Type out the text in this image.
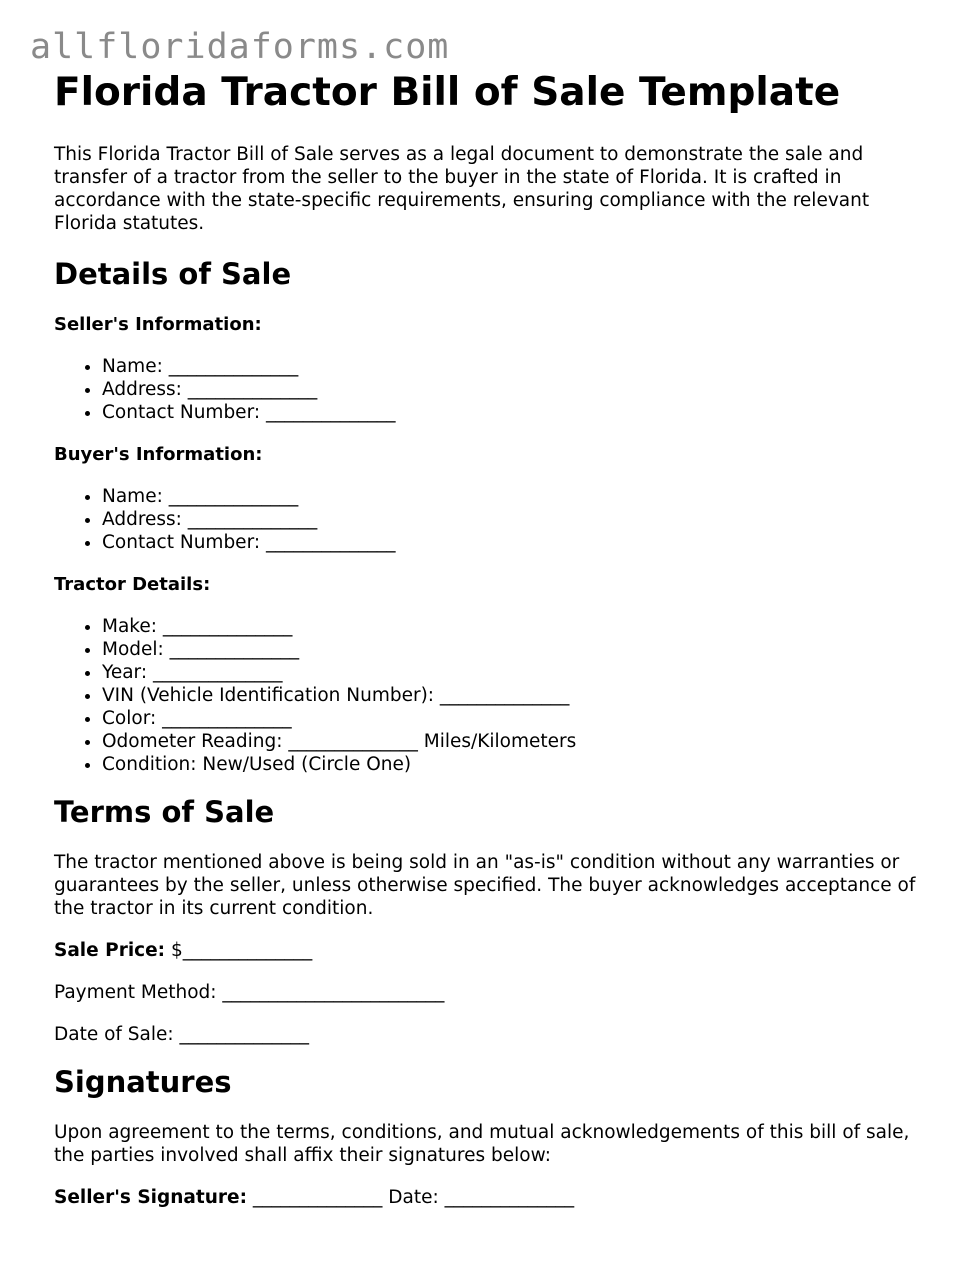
allfloridaforms.com
Florida Tractor Bill of Sale Template

This Florida Tractor Bill of Sale serves as a legal document to demonstrate the sale and transfer of a tractor from the seller to the buyer in the state of Florida. It is crafted in accordance with the state-specific requirements, ensuring compliance with the relevant Florida statutes.

Details of Sale
Seller's Information:
• Name: ______________
• Address: ______________
• Contact Number: ______________
Buyer's Information:
• Name: ______________
• Address: ______________
• Contact Number: ______________
Tractor Details:
• Make: ______________
• Model: ______________
• Year: ______________
• VIN (Vehicle Identification Number): ______________
• Color: ______________
• Odometer Reading: ______________ Miles/Kilometers
• Condition: New/Used (Circle One)
Terms of Sale

The tractor mentioned above is being sold in an "as-is" condition without any warranties or guarantees by the seller, unless otherwise specified. The buyer acknowledges acceptance of the tractor in its current condition.

Sale Price: $______________
Payment Method: ________________________
Date of Sale: ______________
Signatures

Upon agreement to the terms, conditions, and mutual acknowledgements of this bill of sale, the parties involved shall affix their signatures below:

Seller's Signature: ______________ Date: ______________
